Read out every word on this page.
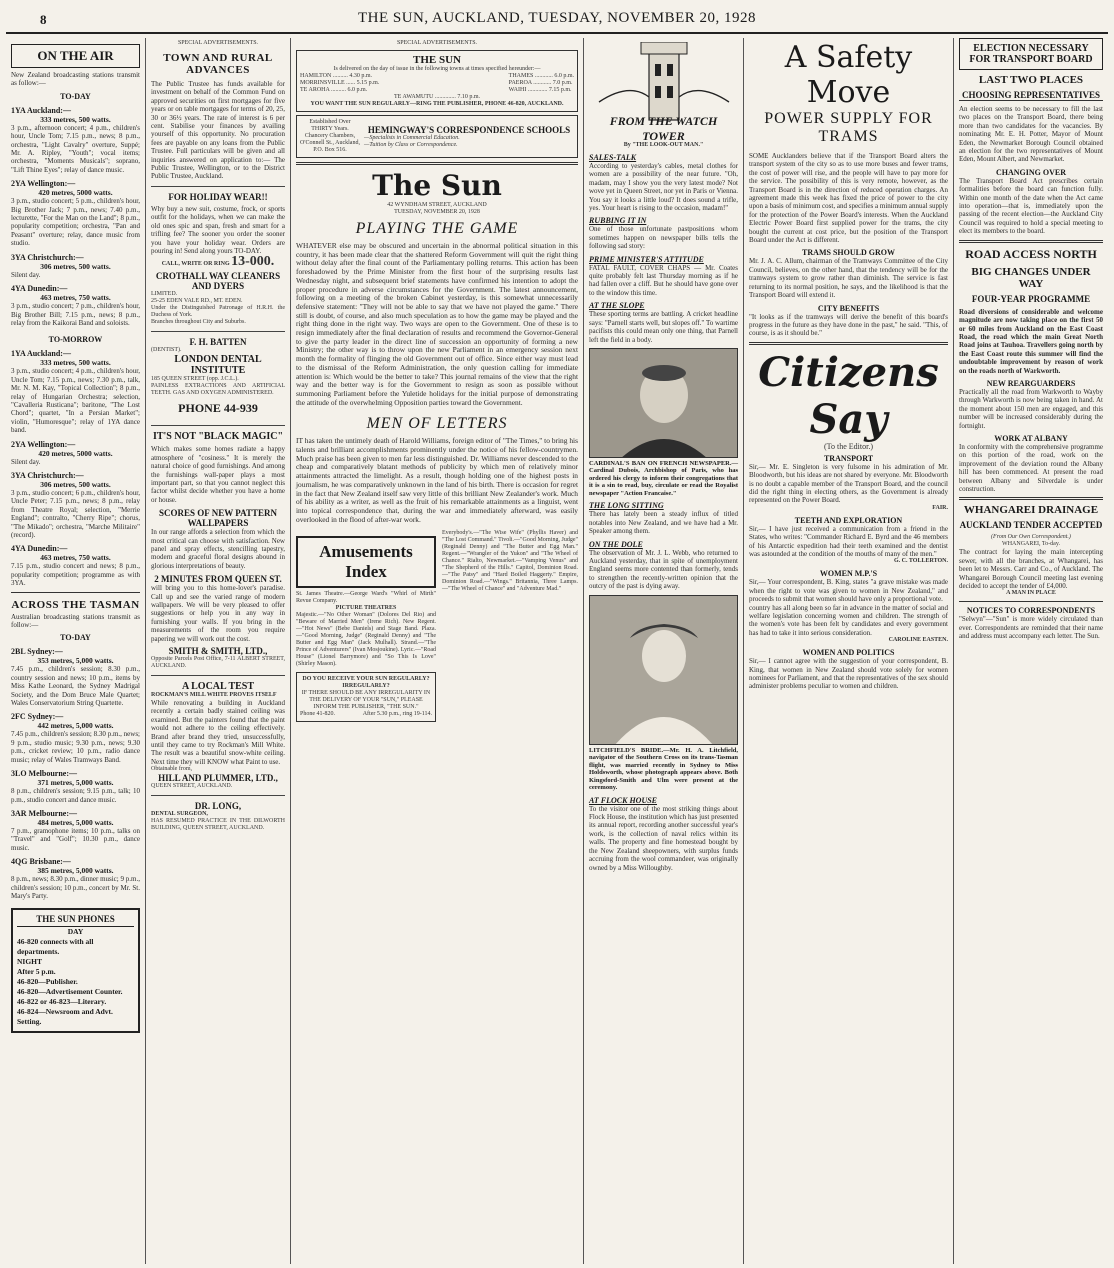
8	THE SUN, AUCKLAND, TUESDAY, NOVEMBER 20, 1928
ON THE AIR
New Zealand broadcasting stations transmit as follow:—
TO-DAY
1YA Auckland:—
333 metres, 500 watts.
3 p.m., afternoon concert; 4 p.m., children's hour, Uncle Tom; 7.15 p.m., news; 8 p.m., orchestra, "Light Cavalry" overture, Suppé; Mr. A. Ripley, "Youth"; vocal items; orchestra, "Moments Musicals"; soprano, "Lift Thine Eyes"; relay of dance music.
2YA Wellington:—
420 metres, 5000 watts.
3 p.m., studio concert; 5 p.m., children's hour, Big Brother Jack; 7 p.m., news; 7.40 p.m., lecturette, "For the Man on the Land"; 8 p.m., popularity competition; orchestra, "Pan and Peasant" overture; relay, dance music from studio.
3YA Christchurch:—
306 metres, 500 watts.
Silent day.
4YA Dunedin:—
463 metres, 750 watts.
3 p.m., studio concert; 7 p.m., children's hour, Big Brother Bill; 7.15 p.m., news; 8 p.m., relay from the Kaikorai Band and soloists.
TO-MORROW
1YA Auckland:—
333 metres, 500 watts.
3 p.m., studio concert; 4 p.m., children's hour, Uncle Tom; 7.15 p.m., news; 7.30 p.m., talk, Mr. N. M. Kay, "Topical Collection"; 8 p.m., relay of Hungarian Orchestra; selection, "Cavalleria Rusticana"; baritone, "The Lost Chord"; quartet, "In a Persian Market"; violin, "Humoresque"; relay of 1YA dance band.
2YA Wellington:—
420 metres, 5000 watts.
Silent day.
3YA Christchurch:—
306 metres, 500 watts.
3 p.m., studio concert; 6 p.m., children's hour, Uncle Peter; 7.15 p.m., news; 8 p.m., relay from Theatre Royal; selection, "Merrie England"; contralto, "Cherry Ripe"; chorus, "The Mikado"; orchestra, "Marche Militaire" (record).
4YA Dunedin:—
463 metres, 750 watts.
7.15 p.m., studio concert and news; 8 p.m., popularity competition; programme as with 3YA.
ACROSS THE TASMAN
Australian broadcasting stations transmit as follow:—
TO-DAY
2BL Sydney:—
353 metres, 5,000 watts.
7.45 p.m., children's session; 8.30 p.m., country session and news; 10 p.m., items by Miss Kathe Leonard, the Sydney Madrigal Society, and the Dom Bruce Male Quartet; Wales Conservatorium String Quartette.
2FC Sydney:—
442 metres, 5,000 watts.
7.45 p.m., children's session; 8.30 p.m., news; 9 p.m., studio music; 9.30 p.m., news; 9.30 p.m., cricket review; 10 p.m., radio dance music; relay of Wales Tramways Band.
3LO Melbourne:—
371 metres, 5,000 watts.
8 p.m., children's session; 9.15 p.m., talk; 10 p.m., studio concert and dance music.
3AR Melbourne:—
484 metres, 5,000 watts.
7 p.m., gramophone items; 10 p.m., talks on "Travel" and "Golf"; 10.30 p.m., dance music.
4QG Brisbane:—
385 metres, 5,000 watts.
8 p.m., news; 8.30 p.m., dinner music; 9 p.m., children's session; 10 p.m., concert by Mr. St. Mary's Party.
THE SUN PHONES
DAY
46-820 connects with all departments.
NIGHT
After 5 p.m.
46-820—Publisher.
46-820—Advertisement Counter.
46-822 or 46-823—Literary.
46-824—Newsroom and Advt. Setting.
SPECIAL ADVERTISEMENTS.
TOWN AND RURAL ADVANCES
The Public Trustee has funds available for investment on behalf of the Common Fund on approved securities on first mortgages for five years or on table mortgages for terms of 20, 25, 30 or 36½ years. The rate of interest is 6 per cent. Stabilise your finances by availing yourself of this opportunity. No procuration fees are payable on any loans from the Public Trustee. Full particulars will be given and all inquiries answered on application to:— The Public Trustee, Wellington, or to the District Public Trustee, Auckland.
FOR HOLIDAY WEAR!!
Why buy a new suit, costume, frock, or sports outfit for the holidays, when we can make the old ones spic and span, fresh and smart for a trifling fee? The sooner you order the sooner you have your holiday wear. Orders are pouring in! Send along yours TO-DAY.
CALL, WRITE OR RING 13-000.
CROTHALL WAY CLEANERS AND DYERS
LIMITED.
25-25 EDEN VALE RD., MT. EDEN.
Under the Distinguished Patronage of H.R.H. the Duchess of York.
Branches throughout City and Suburbs.
F. H. BATTEN
(DENTIST).
LONDON DENTAL INSTITUTE
185 QUEEN STREET (opp. J.C.L.).
PAINLESS EXTRACTIONS AND ARTIFICIAL TEETH. GAS AND OXYGEN ADMINISTERED.
PHONE 44-939
IT'S NOT "BLACK MAGIC"
Which makes some homes radiate a happy atmosphere of "cosiness." It is merely the natural choice of good furnishings. And among the furnishings wall-paper plays a most important part, so that you cannot neglect this factor whilst decide whether you have a home or house.
SCORES OF NEW PATTERN WALLPAPERS
In our range affords a selection from which the most critical can choose with satisfaction. New panel and spray effects, stencilling tapestry, modern and graceful floral designs abound in glorious interpretations of beauty.
2 MINUTES FROM QUEEN ST.
will bring you to this home-lover's paradise. Call up and see the varied range of modern wallpapers. We will be very pleased to offer suggestions or help you in any way in furnishing your walls. If you bring in the measurements of the room you require papering we will work out the cost.
SMITH & SMITH, LTD.,
Opposite Parcels Post Office, 7-11 ALBERT STREET, AUCKLAND.
A LOCAL TEST
ROCKMAN'S MILL WHITE PROVES ITSELF
While renovating a building in Auckland recently a certain badly stained ceiling was examined. But the painters found that the paint would not adhere to the ceiling effectively. Brand after brand they tried, unsuccessfully, until they came to try Rockman's Mill White. The result was a beautiful snow-white ceiling. Next time they will KNOW what Paint to use.
Obtainable from,
HILL AND PLUMMER, LTD.,
QUEEN STREET, AUCKLAND.
DR. LONG,
DENTAL SURGEON,
HAS RESUMED PRACTICE IN THE DILWORTH BUILDING, QUEEN STREET, AUCKLAND.
SPECIAL ADVERTISEMENTS.
THE SUN
Is delivered on the day of issue in the following towns at times specified hereunder:—
HAMILTON .......... 4.30 p.m.
MORRINSVILLE ...... 5.15 p.m.
TE AROHA .......... 6.0 p.m.
THAMES ............ 6.0 p.m.
PAEROA ............ 7.0 p.m.
WAIHI ............. 7.15 p.m.
TE AWAMUTU .............. 7.10 p.m.
YOU WANT THE SUN REGULARLY—RING THE PUBLISHER, PHONE 46-820, AUCKLAND.
Established Over THIRTY Years.
Chancery Chambers, O'Connell St., Auckland, P.O. Box 516.
HEMINGWAY'S CORRESPONDENCE SCHOOLS
—Specialists in Commercial Education.
—Tuition by Class or Correspondence.
The Sun
42 WYNDHAM STREET, AUCKLAND
TUESDAY, NOVEMBER 20, 1928
PLAYING THE GAME
WHATEVER else may be obscured and uncertain in the abnormal political situation in this country, it has been made clear that the shattered Reform Government will quit the right thing without delay after the final count of the Parliamentary polling returns. This action has been foreshadowed by the Prime Minister from the first hour of the surprising results last Wednesday night, and subsequent brief statements have confirmed his intention to adopt the proper procedure in adverse circumstances for the Government. The latest announcement, following on a meeting of the broken Cabinet yesterday, is this somewhat unnecessarily defensive statement: "They will not be able to say that we have not played the game." There still is doubt, of course, and also much speculation as to how the game may be played and the right thing done in the right way. Two ways are open to the Government. One of these is to resign immediately after the final declaration of results and recommend the Governor-General to give the party leader in the direct line of succession an opportunity of forming a new Ministry; the other way is to throw upon the new Parliament in an emergency session next month the formality of flinging the old Government out of office. Since either way must lead to the dismissal of the Reform Administration, the only question calling for immediate attention is: Which would be the better to take? This journal remains of the view that the right way and the better way is for the Government to resign as soon as possible without summoning Parliament before the Yuletide holidays for the initial purpose of demonstrating the attitude of the overwhelming Opposition parties toward the Government.
MEN OF LETTERS
IT has taken the untimely death of Harold Williams, foreign editor of "The Times," to bring his talents and brilliant accomplishments prominently under the notice of his fellow-countrymen. Much praise has been given to men far less distinguished. Dr. Williams never descended to the cheap and comparatively blatant methods of publicity by which men of relatively minor attainments attracted the limelight. As a result, though holding one of the highest posts in journalism, he was comparatively unknown in the land of his birth. There is occasion for regret in the fact that New Zealand itself saw very little of this brilliant New Zealander's work. Much of his ability as a writer, as well as the fruit of his remarkable attainments as a linguist, went into topical correspondence that, during the war and immediately afterward, was easily overlooked in the flood of after-war work.
Amusements Index
St. James Theatre.—George Ward's "Whirl of Mirth" Revue Company.
PICTURE THEATRES
Majestic.—"No Other Woman" (Dolores Del Rio) and "Beware of Married Men" (Irene Rich). New Regent.—"Hot News" (Bebe Daniels) and Stage Band. Plaza.—"Good Morning, Judge" (Reginald Denny) and "The Butter and Egg Man" (Jack Mulhall). Strand.—"The Prince of Adventurers" (Ivan Mosjoukine). Lyric.—"Road House" (Lionel Barrymore) and "So This Is Love" (Shirley Mason).
Everybody's.—"The Wise Wife" (Phyllis Haver) and "The Lost Command." Tivoli.—"Good Morning, Judge" (Reginald Denny) and "The Butter and Egg Man." Regent.—"Wrangler of the Yukon" and "The Wheel of Chance." Rialto, Newmarket.—"Vamping Venus" and "The Shepherd of the Hills." Capitol, Dominion Road.—"The Patsy" and "Hard Boiled Haggerty." Empire, Dominion Road.—"Wings." Britannia, Three Lamps.—"The Wheel of Chance" and "Adventure Mad."
DO YOU RECEIVE YOUR SUN REGULARLY? IRREGULARLY?
IF THERE SHOULD BE ANY IRREGULARITY IN THE DELIVERY OF YOUR "SUN," PLEASE INFORM THE PUBLISHER, "THE SUN."
Phone 41-820.	After 5.30 p.m., ring 19-114.
FROM THE WATCH TOWER
By "THE LOOK-OUT MAN."
SALES-TALK
According to yesterday's cables, metal clothes for women are a possibility of the near future. "Oh, madam, may I show you the very latest mode? Not wove yet in Queen Street, nor yet in Paris or Vienna. You say it looks a little loud? It does sound a trifle, yes. Your heart is rising to the occasion, madam!"
RUBBING IT IN
One of those unfortunate pastpositions whom sometimes happen on newspaper bills tells the following sad story:
PRIME MINISTER'S ATTITUDE
FATAL FAULT, COVER CHAPS — Mr. Coates quite probably felt last Thursday morning as if he had fallen over a cliff. But he should have gone over to the window this time.
AT THE SLOPE
These sporting terms are battling. A cricket headline says: "Parnell starts well, but slopes off." To wartime pacifists this could mean only one thing, that Parnell left the field in a body.
CARDINAL'S BAN ON FRENCH NEWSPAPER.—Cardinal Dubois, Archbishop of Paris, who has ordered his clergy to inform their congregations that it is a sin to read, buy, circulate or read the Royalist newspaper "Action Francaise."
THE LONG SITTING
There has lately been a steady influx of titled notables into New Zealand, and we have had a Mr. Speaker among them.
ON THE DOLE
The observation of Mr. J. L. Webb, who returned to Auckland yesterday, that in spite of unemployment England seems more contented than formerly, tends to strengthen the recently-written opinion that the outcry of the past is dying away.
LITCHFIELD'S BRIDE.—Mr. H. A. Litchfield, navigator of the Southern Cross on its trans-Tasman flight, was married recently in Sydney to Miss Holdsworth, whose photograph appears above. Both Kingsford-Smith and Ulm were present at the ceremony.
AT FLOCK HOUSE
To the visitor one of the most striking things about Flock House, the institution which has just presented its annual report, recording another successful year's work, is the collection of naval relics within its walls. The property and fine homestead bought by the New Zealand sheepowners, with surplus funds accruing from the wool commandeer, was originally owned by a Miss Willoughby.
A Safety Move
POWER SUPPLY FOR TRAMS
SOME Aucklanders believe that if the Transport Board alters the transport system of the city so as to use more buses and fewer trams, the cost of power will rise, and the people will have to pay more for the service. The possibility of this is very remote, however, as the Transport Board is in the direction of reduced operation charges. An agreement made this week has fixed the price of power to the city upon a basis of minimum cost, and specifies a minimum annual supply for the protection of the Power Board's interests. When the Auckland Electric Power Board first supplied power for the trams, the city bought the current at cost price, but the position of the Transport Board under the Act is different.
TRAMS SHOULD GROW
Mr. J. A. C. Allum, chairman of the Tramways Committee of the City Council, believes, on the other hand, that the tendency will be for the tramways system to grow rather than diminish. The service is fast returning to its normal position, he says, and the likelihood is that the Transport Board will extend it.
CITY BENEFITS
"It looks as if the tramways will derive the benefit of this board's progress in the future as they have done in the past," he said. "This, of course, is as it should be."
Citizens Say
(To the Editor.)
TRANSPORT
Sir,— Mr. E. Singleton is very fulsome in his admiration of Mr. Bloodworth, but his ideas are not shared by everyone. Mr. Bloodworth is no doubt a capable member of the Transport Board, and the council did the right thing in electing others, as the Government is already represented on the Power Board.
FAIR.
TEETH AND EXPLORATION
Sir,— I have just received a communication from a friend in the States, who writes: "Commander Richard E. Byrd and the 46 members of his Antarctic expedition had their teeth examined and the dentist was astounded at the condition of the mouths of many of the men."
G. C. TOLLERTON.
WOMEN M.P.'S
Sir,— Your correspondent, B. King, states "a grave mistake was made when the right to vote was given to women in New Zealand," and proceeds to submit that women should have only a proportional vote.
country has all along been so far in advance in the matter of social and welfare legislation concerning women and children. The strength of the women's vote has been felt by candidates and every government has had to take it into serious consideration.
CAROLINE EASTEN.
WOMEN AND POLITICS
Sir,— I cannot agree with the suggestion of your correspondent, B. King, that women in New Zealand should vote solely for women nominees for Parliament, and that the representatives of the sex should administer problems peculiar to women and children.
ELECTION NECESSARY FOR TRANSPORT BOARD
LAST TWO PLACES
CHOOSING REPRESENTATIVES
An election seems to be necessary to fill the last two places on the Transport Board, there being more than two candidates for the vacancies. By nominating Mr. E. H. Potter, Mayor of Mount Eden, the Newmarket Borough Council obtained an election for the two representatives of Mount Eden, Mount Albert, and Newmarket.
CHANGING OVER
The Transport Board Act prescribes certain formalities before the board can function fully. Within one month of the date when the Act came into operation—that is, immediately upon the passing of the recent election—the Auckland City Council was required to hold a special meeting to elect its members to the board.
ROAD ACCESS NORTH
BIG CHANGES UNDER WAY
FOUR-YEAR PROGRAMME
Road diversions of considerable and welcome magnitude are now taking place on the first 50 or 60 miles from Auckland on the East Coast Road, the road which the main Great North Road joins at Tauhoa. Travellers going north by the East Coast route this summer will find the undoubtable improvement by reason of work on the roads north of Warkworth.
NEW REARGUARDERS
Practically all the road from Warkworth to Wayby through Warkworth is now being taken in hand. At the moment about 150 men are engaged, and this number will be increased considerably during the fortnight.
WORK AT ALBANY
In conformity with the comprehensive programme on this portion of the road, work on the improvement of the deviation round the Albany hill has been commenced. At present the road between Albany and Silverdale is under construction.
WHANGAREI DRAINAGE
AUCKLAND TENDER ACCEPTED
(From Our Own Correspondent.)
WHANGAREI, To-day.
The contract for laying the main intercepting sewer, with all the branches, at Whangarei, has been let to Messrs. Carr and Co., of Auckland. The Whangarei Borough Council meeting last evening decided to accept the tender of £4,000.
A MAN IN PLACE
NOTICES TO CORRESPONDENTS
"Selwyn"—"Sun" is more widely circulated than ever. Correspondents are reminded that their name and address must accompany each letter. The Sun.
